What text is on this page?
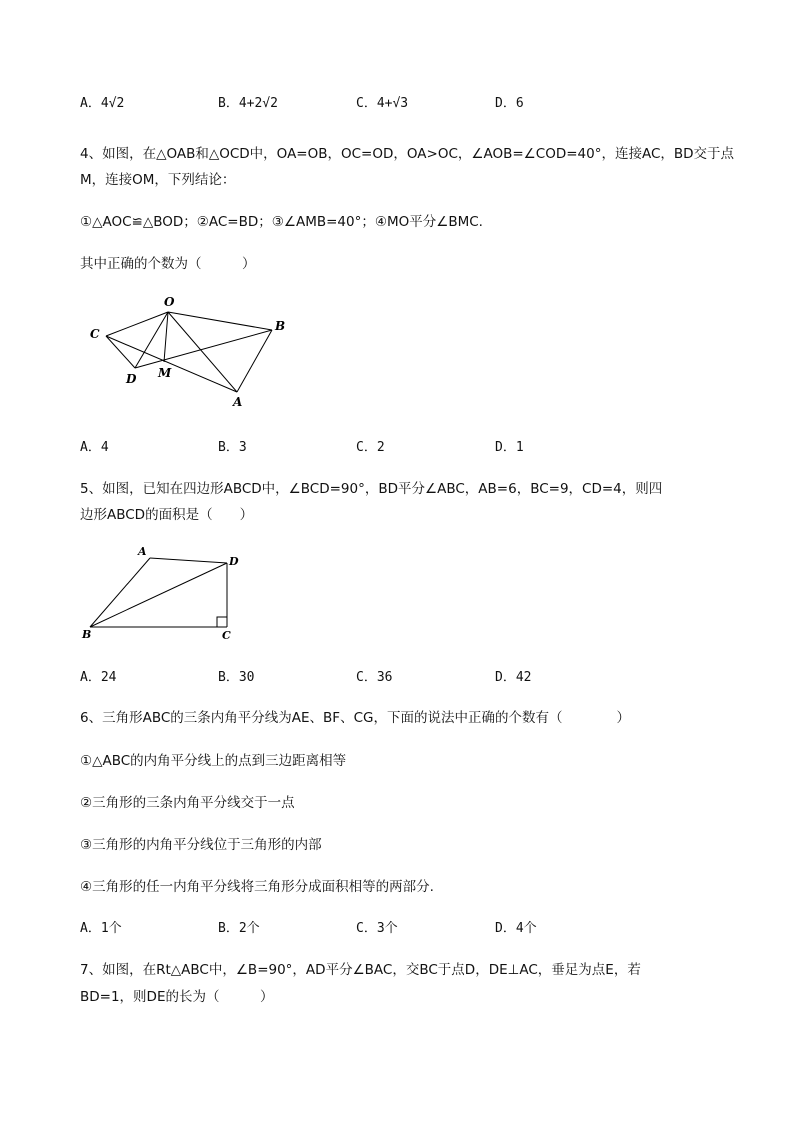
A．4√2	B．4+2√2	C．4+√3	D．6
4、如图，在△OAB和△OCD中，OA=OB，OC=OD，OA>OC，∠AOB=∠COD=40°，连接AC，BD交于点
M，连接OM，下列结论：
①△AOC≌△BOD；②AC=BD；③∠AMB=40°；④MO平分∠BMC.
其中正确的个数为（　　　）
O
B
C
D M
A
A．4	B．3	C．2	D．1
5、如图，已知在四边形ABCD中，∠BCD=90°，BD平分∠ABC，AB=6，BC=9，CD=4，则四
边形ABCD的面积是（　　）
A
D
B	C
A．24	B．30	C．36	D．42
6、三角形ABC的三条内角平分线为AE、BF、CG，下面的说法中正确的个数有（　　　　）
①△ABC的内角平分线上的点到三边距离相等
②三角形的三条内角平分线交于一点
③三角形的内角平分线位于三角形的内部
④三角形的任一内角平分线将三角形分成面积相等的两部分.
A．1个	B．2个	C．3个	D．4个
7、如图，在Rt△ABC中，∠B=90°，AD平分∠BAC，交BC于点D，DE⊥AC，垂足为点E，若
BD=1，则DE的长为（　　　）
